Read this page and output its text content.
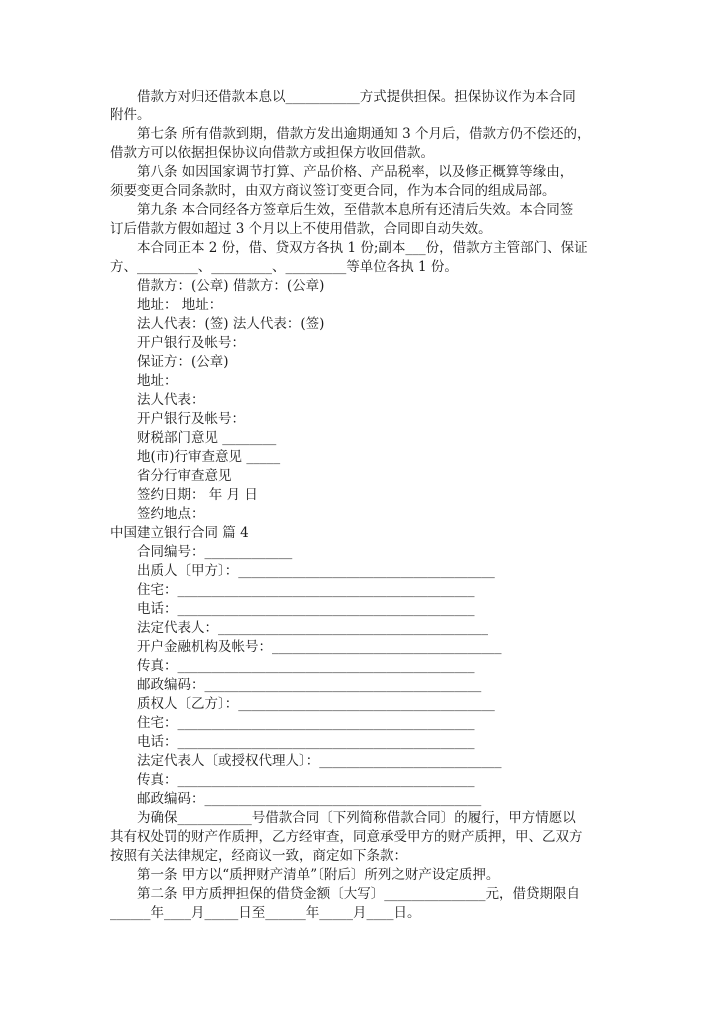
借款方对归还借款本息以___________方式提供担保。担保协议作为本合同
附件。
第七条 所有借款到期，借款方发出逾期通知 3 个月后，借款方仍不偿还的，
借款方可以依据担保协议向借款方或担保方收回借款。
第八条 如因国家调节打算、产品价格、产品税率，以及修正概算等缘由，
须要变更合同条款时，由双方商议签订变更合同，作为本合同的组成局部。
第九条 本合同经各方签章后生效，至借款本息所有还清后失效。本合同签
订后借款方假如超过 3 个月以上不使用借款，合同即自动失效。
本合同正本 2 份，借、贷双方各执 1 份;副本___份，借款方主管部门、保证
方、_________、_________、_________等单位各执 1 份。
借款方：(公章) 借款方：(公章)
地址： 地址：
法人代表：(签) 法人代表：(签)
开户银行及帐号：
保证方：(公章)
地址：
法人代表：
开户银行及帐号：
财税部门意见 ________
地(市)行审查意见 _____
省分行审查意见
签约日期： 年 月 日
签约地点：
中国建立银行合同 篇 4
合同编号：_____________
出质人〔甲方〕：______________________________________
住宅：____________________________________________
电话：____________________________________________
法定代表人：________________________________________
开户金融机构及帐号：__________________________________
传真：____________________________________________
邮政编码：_________________________________________
质权人〔乙方〕：______________________________________
住宅：____________________________________________
电话：____________________________________________
法定代表人〔或授权代理人〕：___________________________
传真：____________________________________________
邮政编码：_________________________________________
为确保___________号借款合同〔下列简称借款合同〕的履行，甲方情愿以
其有权处罚的财产作质押，乙方经审查，同意承受甲方的财产质押，甲、乙双方
按照有关法律规定，经商议一致，商定如下条款：
第一条 甲方以“质押财产清单”〔附后〕所列之财产设定质押。
第二条 甲方质押担保的借贷金额〔大写〕_______________元，借贷期限自
______年____月_____日至______年_____月____日。
